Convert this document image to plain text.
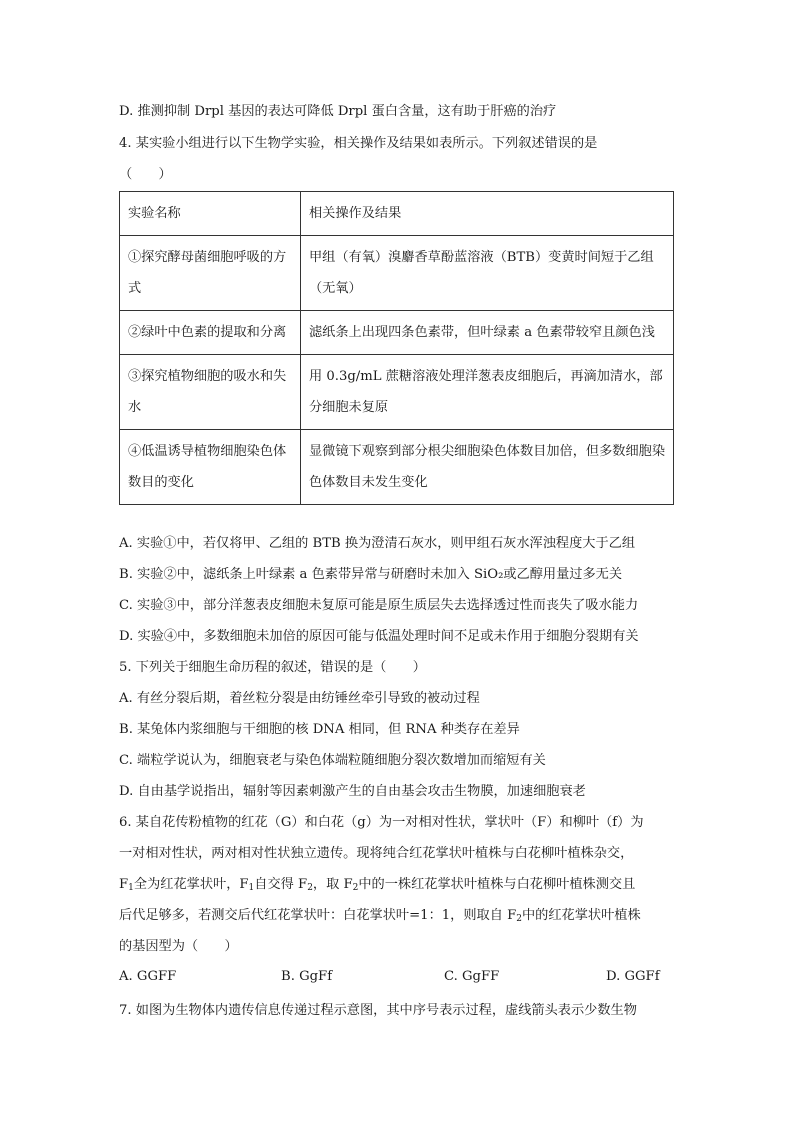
D. 推测抑制 Drpl 基因的表达可降低 Drpl 蛋白含量，这有助于肝癌的治疗
4. 某实验小组进行以下生物学实验，相关操作及结果如表所示。下列叙述错误的是
（　　）
实验名称	相关操作及结果
①探究酵母菌细胞呼吸的方式	甲组（有氧）溴麝香草酚蓝溶液（BTB）变黄时间短于乙组（无氧）
②绿叶中色素的提取和分离	滤纸条上出现四条色素带，但叶绿素 a 色素带较窄且颜色浅
③探究植物细胞的吸水和失水	用 0.3g/mL 蔗糖溶液处理洋葱表皮细胞后，再滴加清水，部分细胞未复原
④低温诱导植物细胞染色体数目的变化	显微镜下观察到部分根尖细胞染色体数目加倍，但多数细胞染色体数目未发生变化
A. 实验①中，若仅将甲、乙组的 BTB 换为澄清石灰水，则甲组石灰水浑浊程度大于乙组
B. 实验②中，滤纸条上叶绿素 a 色素带异常与研磨时未加入 SiO₂或乙醇用量过多无关
C. 实验③中，部分洋葱表皮细胞未复原可能是原生质层失去选择透过性而丧失了吸水能力
D. 实验④中，多数细胞未加倍的原因可能与低温处理时间不足或未作用于细胞分裂期有关
5. 下列关于细胞生命历程的叙述，错误的是（　　）
A. 有丝分裂后期，着丝粒分裂是由纺锤丝牵引导致的被动过程
B. 某兔体内浆细胞与干细胞的核 DNA 相同，但 RNA 种类存在差异
C. 端粒学说认为，细胞衰老与染色体端粒随细胞分裂次数增加而缩短有关
D. 自由基学说指出，辐射等因素刺激产生的自由基会攻击生物膜，加速细胞衰老
6. 某自花传粉植物的红花（G）和白花（g）为一对相对性状，掌状叶（F）和柳叶（f）为
一对相对性状，两对相对性状独立遗传。现将纯合红花掌状叶植株与白花柳叶植株杂交，
$F_1$全为红花掌状叶，$F_1$自交得 $F_2$，取 $F_2$中的一株红花掌状叶植株与白花柳叶植株测交且
后代足够多，若测交后代红花掌状叶：白花掌状叶=1：1，则取自 $F_2$中的红花掌状叶植株
的基因型为（　　）
A. GGFF	B. GgFf	C. GgFF	D. GGFf
7. 如图为生物体内遗传信息传递过程示意图，其中序号表示过程，虚线箭头表示少数生物
